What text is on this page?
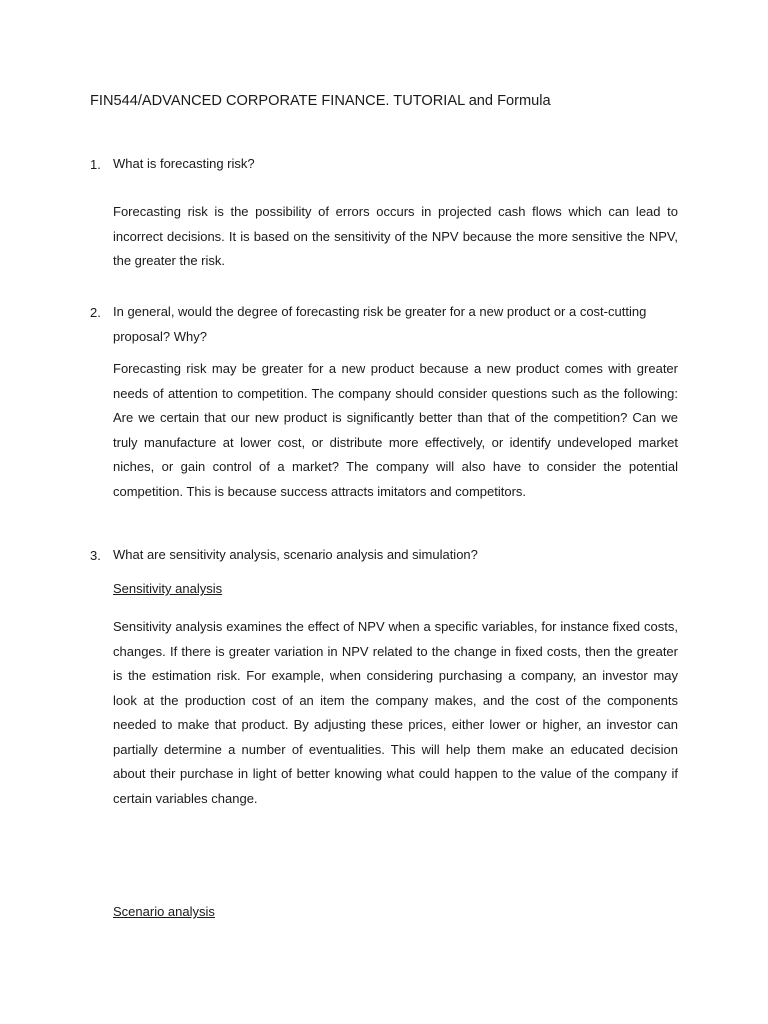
FIN544/ADVANCED CORPORATE FINANCE. TUTORIAL and Formula

1. What is forecasting risk?

Forecasting risk is the possibility of errors occurs in projected cash flows which can lead to incorrect decisions. It is based on the sensitivity of the NPV because the more sensitive the NPV, the greater the risk.

2. In general, would the degree of forecasting risk be greater for a new product or a cost-cutting proposal? Why?

Forecasting risk may be greater for a new product because a new product comes with greater needs of attention to competition. The company should consider questions such as the following: Are we certain that our new product is significantly better than that of the competition? Can we truly manufacture at lower cost, or distribute more effectively, or identify undeveloped market niches, or gain control of a market? The company will also have to consider the potential competition. This is because success attracts imitators and competitors.

3. What are sensitivity analysis, scenario analysis and simulation?

Sensitivity analysis

Sensitivity analysis examines the effect of NPV when a specific variables, for instance fixed costs, changes. If there is greater variation in NPV related to the change in fixed costs, then the greater is the estimation risk. For example, when considering purchasing a company, an investor may look at the production cost of an item the company makes, and the cost of the components needed to make that product. By adjusting these prices, either lower or higher, an investor can partially determine a number of eventualities. This will help them make an educated decision about their purchase in light of better knowing what could happen to the value of the company if certain variables change.

Scenario analysis
